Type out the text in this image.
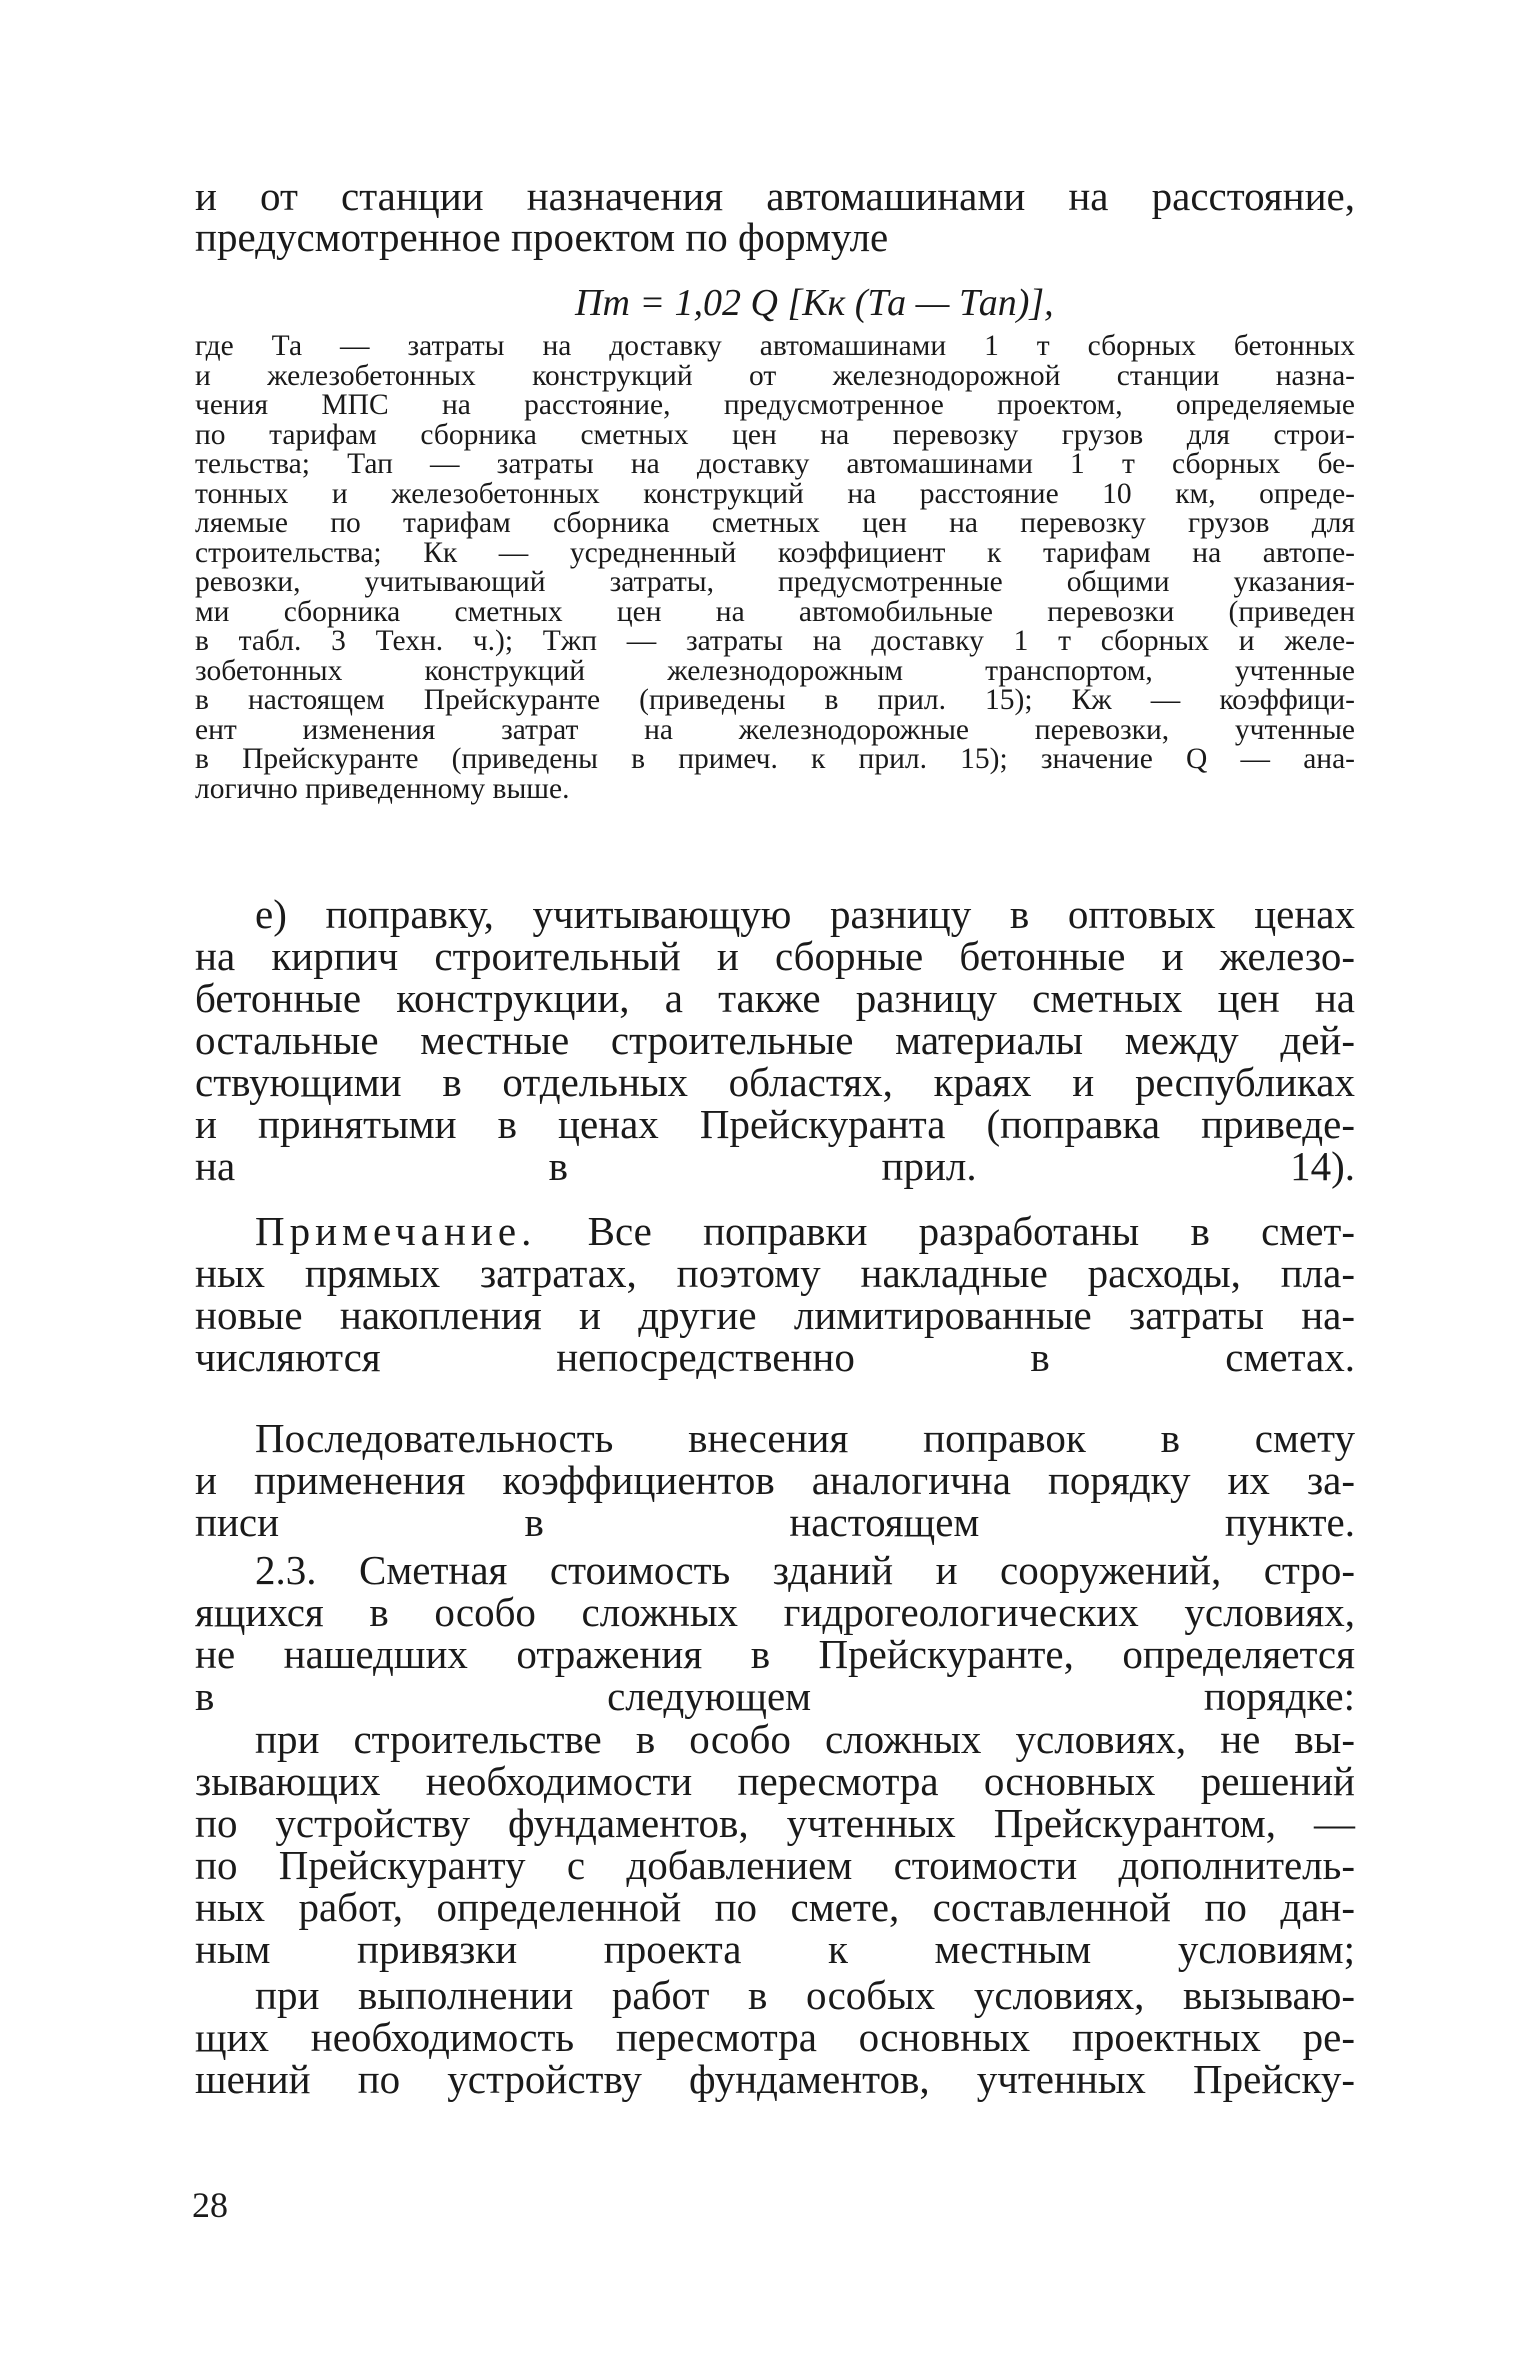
и от станции назначения автомашинами на расстояние,

предусмотренное проектом по формуле

Пт = 1,02 Q [Кк (Та — Тап)],
где Та — затраты на доставку автомашинами 1 т сборных бетонных
и железобетонных конструкций от железнодорожной станции назна-
чения МПС на расстояние, предусмотренное проектом, определяемые
по тарифам сборника сметных цен на перевозку грузов для строи-
тельства; Тап — затраты на доставку автомашинами 1 т сборных бе-
тонных и железобетонных конструкций на расстояние 10 км, опреде-
ляемые по тарифам сборника сметных цен на перевозку грузов для
строительства; Кк — усредненный коэффициент к тарифам на автопе-
ревозки, учитывающий затраты, предусмотренные общими указания-
ми сборника сметных цен на автомобильные перевозки (приведен
в табл. 3 Техн. ч.); Тжп — затраты на доставку 1 т сборных и желе-
зобетонных конструкций железнодорожным транспортом, учтенные
в настоящем Прейскуранте (приведены в прил. 15); Кж — коэффици-
ент изменения затрат на железнодорожные перевозки, учтенные
в Прейскуранте (приведены в примеч. к прил. 15); значение Q — ана-
логично приведенному выше.
е) поправку, учитывающую разницу в оптовых ценах
на кирпич строительный и сборные бетонные и железо-
бетонные конструкции, а также разницу сметных цен на
остальные местные строительные материалы между дей-
ствующими в отдельных областях, краях и республиках
и принятыми в ценах Прейскуранта (поправка приведе-
на в прил. 14).
Примечание. Все поправки разработаны в смет-
ных прямых затратах, поэтому накладные расходы, пла-
новые накопления и другие лимитированные затраты на-
числяются непосредственно в сметах.
Последовательность внесения поправок в смету
и применения коэффициентов аналогична порядку их за-
писи в настоящем пункте.
2.3. Сметная стоимость зданий и сооружений, стро-
ящихся в особо сложных гидрогеологических условиях,
не нашедших отражения в Прейскуранте, определяется
в следующем порядке:
при строительстве в особо сложных условиях, не вы-
зывающих необходимости пересмотра основных решений
по устройству фундаментов, учтенных Прейскурантом, —
по Прейскуранту с добавлением стоимости дополнитель-
ных работ, определенной по смете, составленной по дан-
ным привязки проекта к местным условиям;
при выполнении работ в особых условиях, вызываю-
щих необходимость пересмотра основных проектных ре-
шений по устройству фундаментов, учтенных Прейску-
28
